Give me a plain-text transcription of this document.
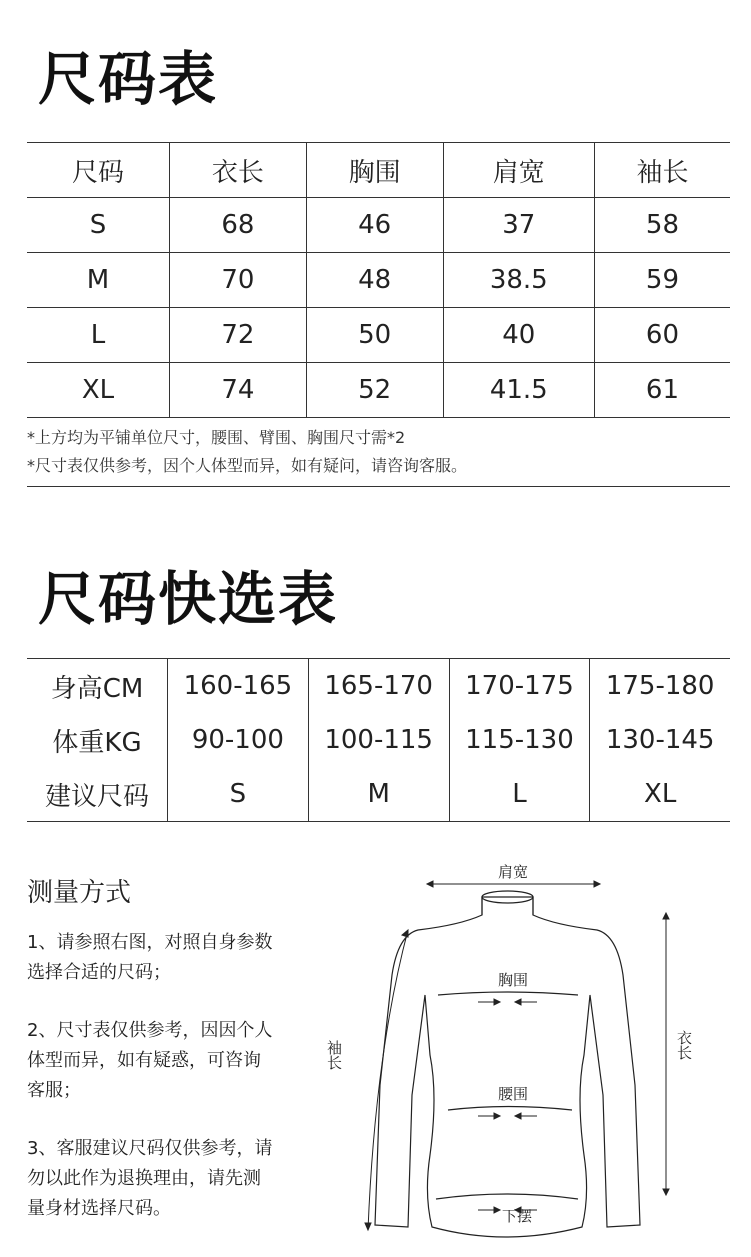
尺码表
尺码	衣长	胸围	肩宽	袖长
S	68	46	37	58
M	70	48	38.5	59
L	72	50	40	60
XL	74	52	41.5	61
*上方均为平铺单位尺寸，腰围、臂围、胸围尺寸需*2
*尺寸表仅供参考，因个人体型而异，如有疑问，请咨询客服。
尺码快选表
身高CM	160-165	165-170	170-175	175-180
体重KG	90-100	100-115	115-130	130-145
建议尺码	S	M	L	XL
测量方式
1、请参照右图，对照自身参数选择合适的尺码；
2、尺寸表仅供参考，因因个人体型而异，如有疑惑，可咨询客服；
3、客服建议尺码仅供参考，请勿以此作为退换理由，请先测量身材选择尺码。
肩宽
胸围
腰围
下摆
袖长	衣长
